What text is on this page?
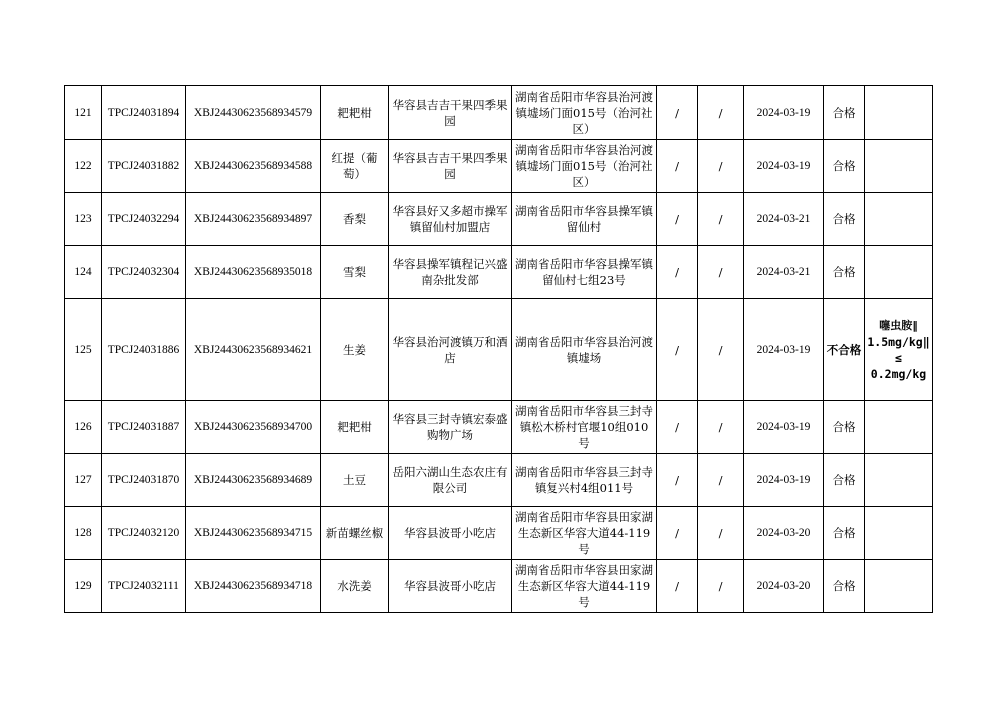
121	TPCJ24031894	XBJ24430623568934579	耙耙柑	华容县吉吉干果四季果园	湖南省岳阳市华容县治河渡镇墟场门面015号（治河社区）	/	/	2024-03-19	合格	
122	TPCJ24031882	XBJ24430623568934588	红提（葡萄）	华容县吉吉干果四季果园	湖南省岳阳市华容县治河渡镇墟场门面015号（治河社区）	/	/	2024-03-19	合格	
123	TPCJ24032294	XBJ24430623568934897	香梨	华容县好又多超市操军镇留仙村加盟店	湖南省岳阳市华容县操军镇留仙村	/	/	2024-03-21	合格	
124	TPCJ24032304	XBJ24430623568935018	雪梨	华容县操军镇程记兴盛南杂批发部	湖南省岳阳市华容县操军镇留仙村七组23号	/	/	2024-03-21	合格	
125	TPCJ24031886	XBJ24430623568934621	生姜	华容县治河渡镇万和酒店	湖南省岳阳市华容县治河渡镇墟场	/	/	2024-03-19	不合格	噻虫胺‖
1.5mg/kg‖
≤
0.2mg/kg

126	TPCJ24031887	XBJ24430623568934700	耙耙柑	华容县三封寺镇宏泰盛购物广场	湖南省岳阳市华容县三封寺镇松木桥村官堰10组010号	/	/	2024-03-19	合格	
127	TPCJ24031870	XBJ24430623568934689	土豆	岳阳六湖山生态农庄有限公司	湖南省岳阳市华容县三封寺镇复兴村4组011号	/	/	2024-03-19	合格	
128	TPCJ24032120	XBJ24430623568934715	新苗螺丝椒	华容县波哥小吃店	湖南省岳阳市华容县田家湖生态新区华容大道44-119号	/	/	2024-03-20	合格	
129	TPCJ24032111	XBJ24430623568934718	水洗姜	华容县波哥小吃店	湖南省岳阳市华容县田家湖生态新区华容大道44-119号	/	/	2024-03-20	合格	
